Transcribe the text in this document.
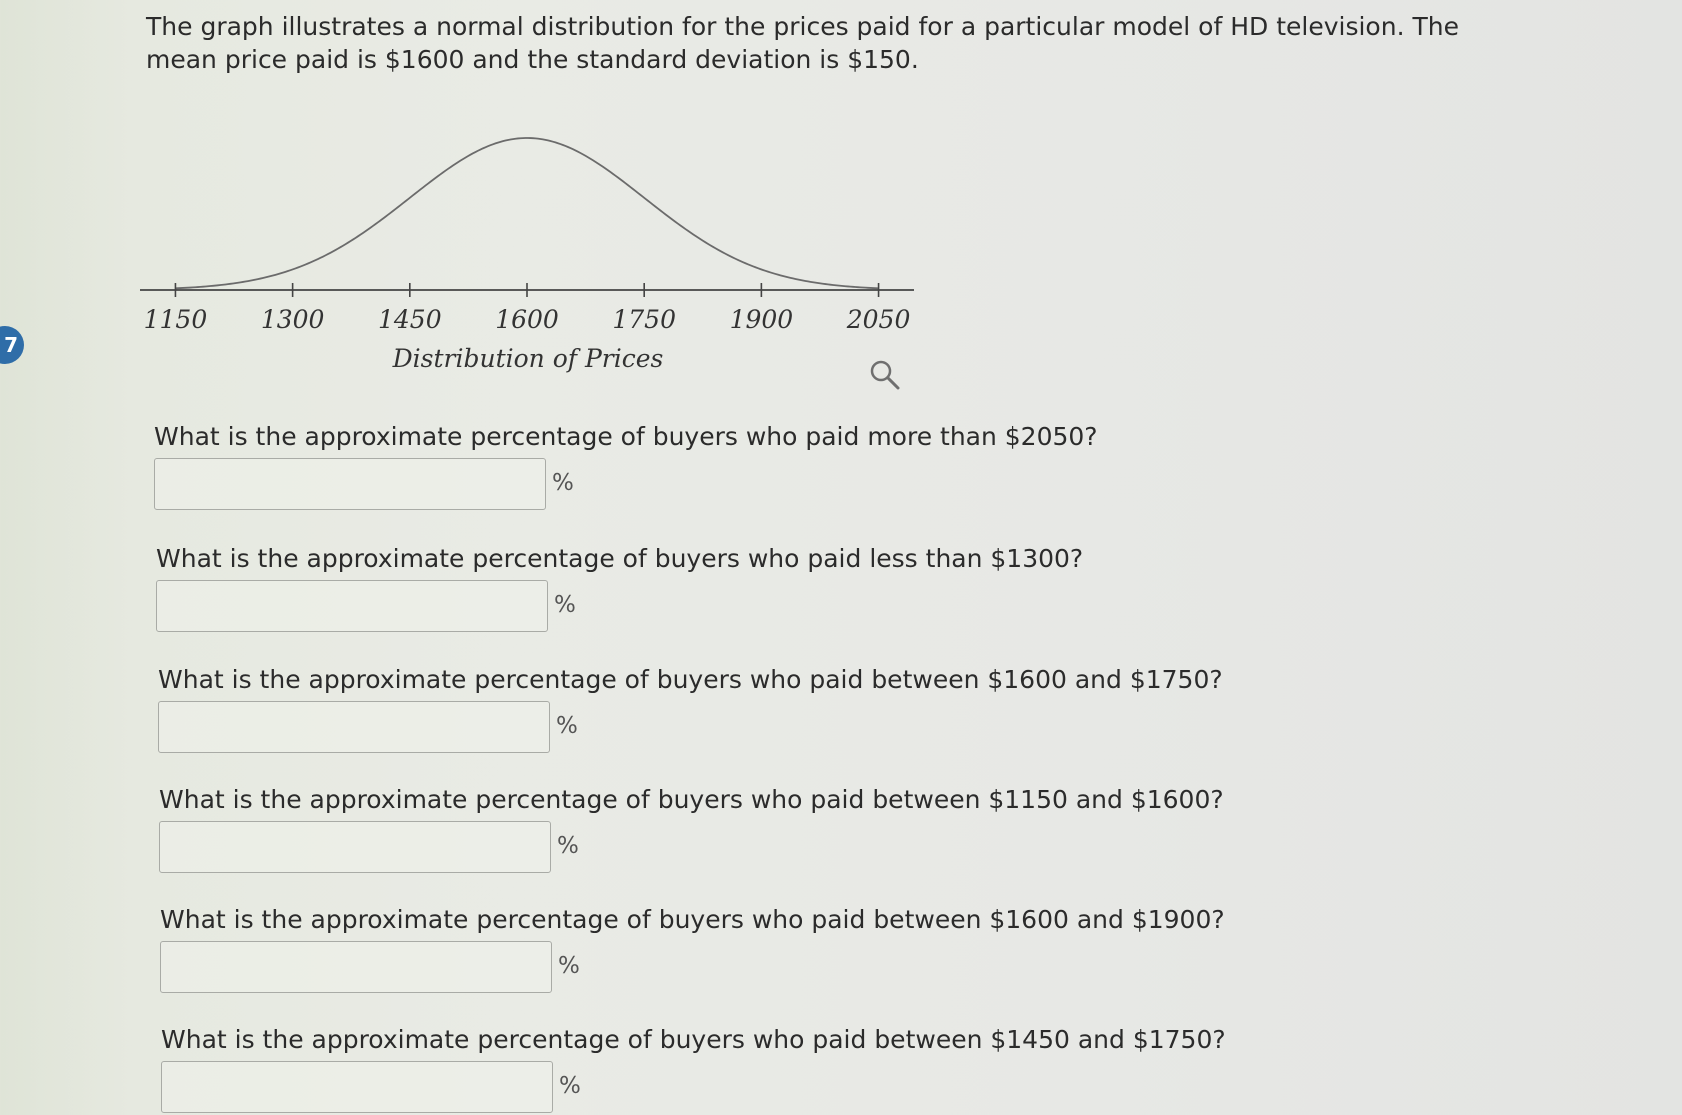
7

The graph illustrates a normal distribution for the prices paid for a particular model of HD television. The mean price paid is $1600 and the standard deviation is $150.

1150 1300 1450 1600 1750 1900 2050
Distribution of Prices

What is the approximate percentage of buyers who paid more than $2050?

%

What is the approximate percentage of buyers who paid less than $1300?

%

What is the approximate percentage of buyers who paid between $1600 and $1750?

%

What is the approximate percentage of buyers who paid between $1150 and $1600?

%

What is the approximate percentage of buyers who paid between $1600 and $1900?

%

What is the approximate percentage of buyers who paid between $1450 and $1750?

%
